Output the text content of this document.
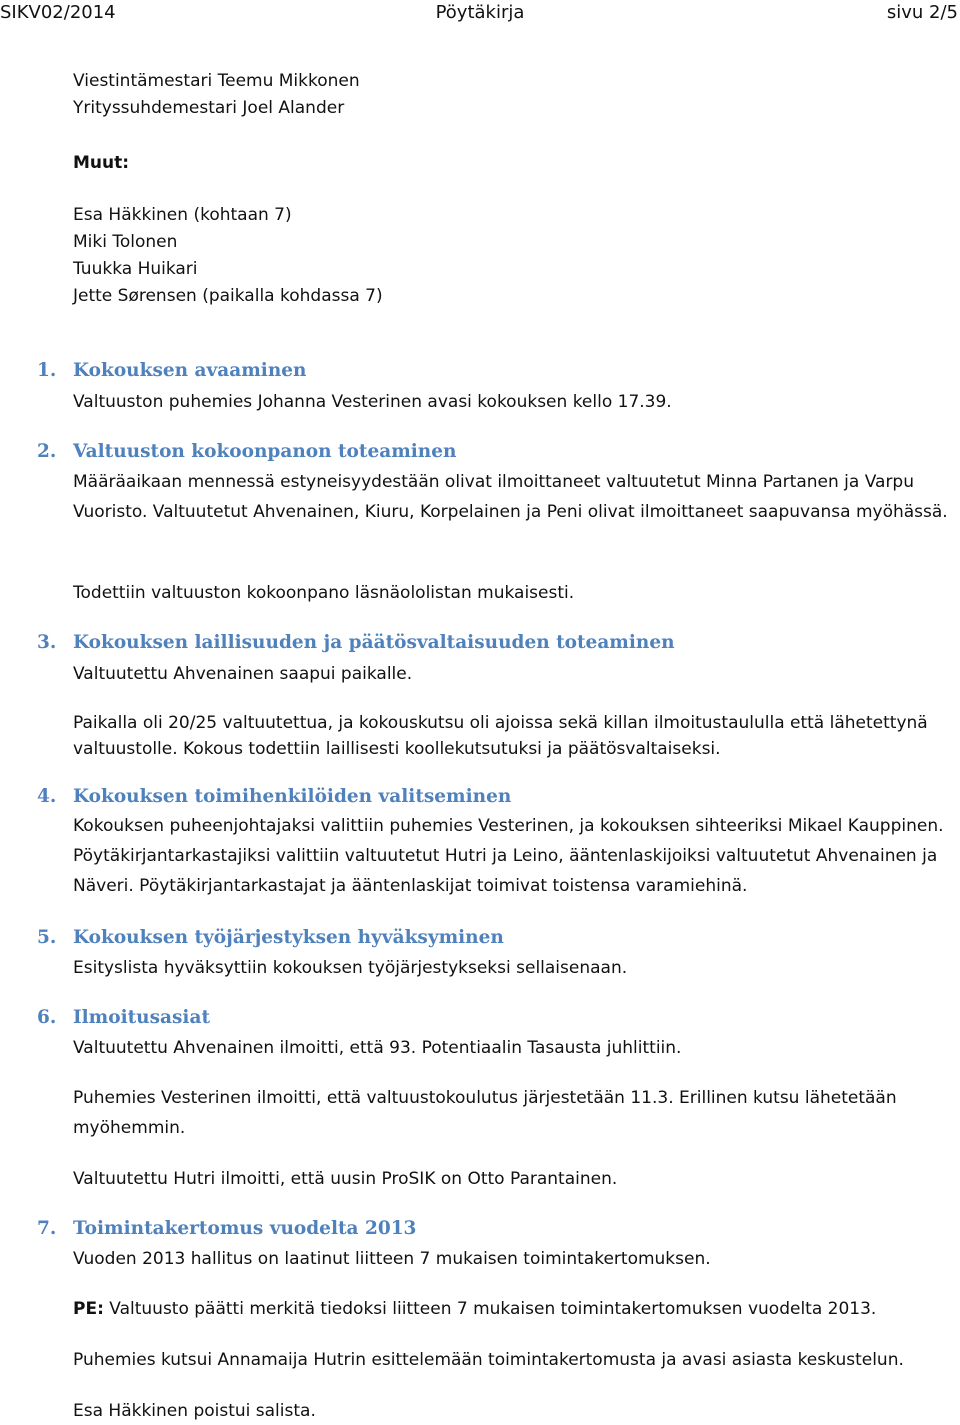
SIKV02/2014	Pöytäkirja	sivu 2/5
Viestintämestari Teemu Mikkonen
Yrityssuhdemestari Joel Alander
Muut:
Esa Häkkinen (kohtaan 7)
Miki Tolonen
Tuukka Huikari
Jette Sørensen (paikalla kohdassa 7)
1. Kokouksen avaaminen
Valtuuston puhemies Johanna Vesterinen avasi kokouksen kello 17.39.
2. Valtuuston kokoonpanon toteaminen
Määräaikaan mennessä estyneisyydestään olivat ilmoittaneet valtuutetut Minna Partanen ja Varpu Vuoristo. Valtuutetut Ahvenainen, Kiuru, Korpelainen ja Peni olivat ilmoittaneet saapuvansa myöhässä.
Todettiin valtuuston kokoonpano läsnäololistan mukaisesti.
3. Kokouksen laillisuuden ja päätösvaltaisuuden toteaminen
Valtuutettu Ahvenainen saapui paikalle.
Paikalla oli 20/25 valtuutettua, ja kokouskutsu oli ajoissa sekä killan ilmoitustaululla että lähetettynä valtuustolle. Kokous todettiin laillisesti koollekutsutuksi ja päätösvaltaiseksi.
4. Kokouksen toimihenkilöiden valitseminen
Kokouksen puheenjohtajaksi valittiin puhemies Vesterinen, ja kokouksen sihteeriksi Mikael Kauppinen. Pöytäkirjantarkastajiksi valittiin valtuutetut Hutri ja Leino, ääntenlaskijoiksi valtuutetut Ahvenainen ja Näveri. Pöytäkirjantarkastajat ja ääntenlaskijat toimivat toistensa varamiehinä.
5. Kokouksen työjärjestyksen hyväksyminen
Esityslista hyväksyttiin kokouksen työjärjestykseksi sellaisenaan.
6. Ilmoitusasiat
Valtuutettu Ahvenainen ilmoitti, että 93. Potentiaalin Tasausta juhlittiin.
Puhemies Vesterinen ilmoitti, että valtuustokoulutus järjestetään 11.3. Erillinen kutsu lähetetään myöhemmin.
Valtuutettu Hutri ilmoitti, että uusin ProSIK on Otto Parantainen.
7. Toimintakertomus vuodelta 2013
Vuoden 2013 hallitus on laatinut liitteen 7 mukaisen toimintakertomuksen.
PE: Valtuusto päätti merkitä tiedoksi liitteen 7 mukaisen toimintakertomuksen vuodelta 2013.
Puhemies kutsui Annamaija Hutrin esittelemään toimintakertomusta ja avasi asiasta keskustelun.
Esa Häkkinen poistui salista.
